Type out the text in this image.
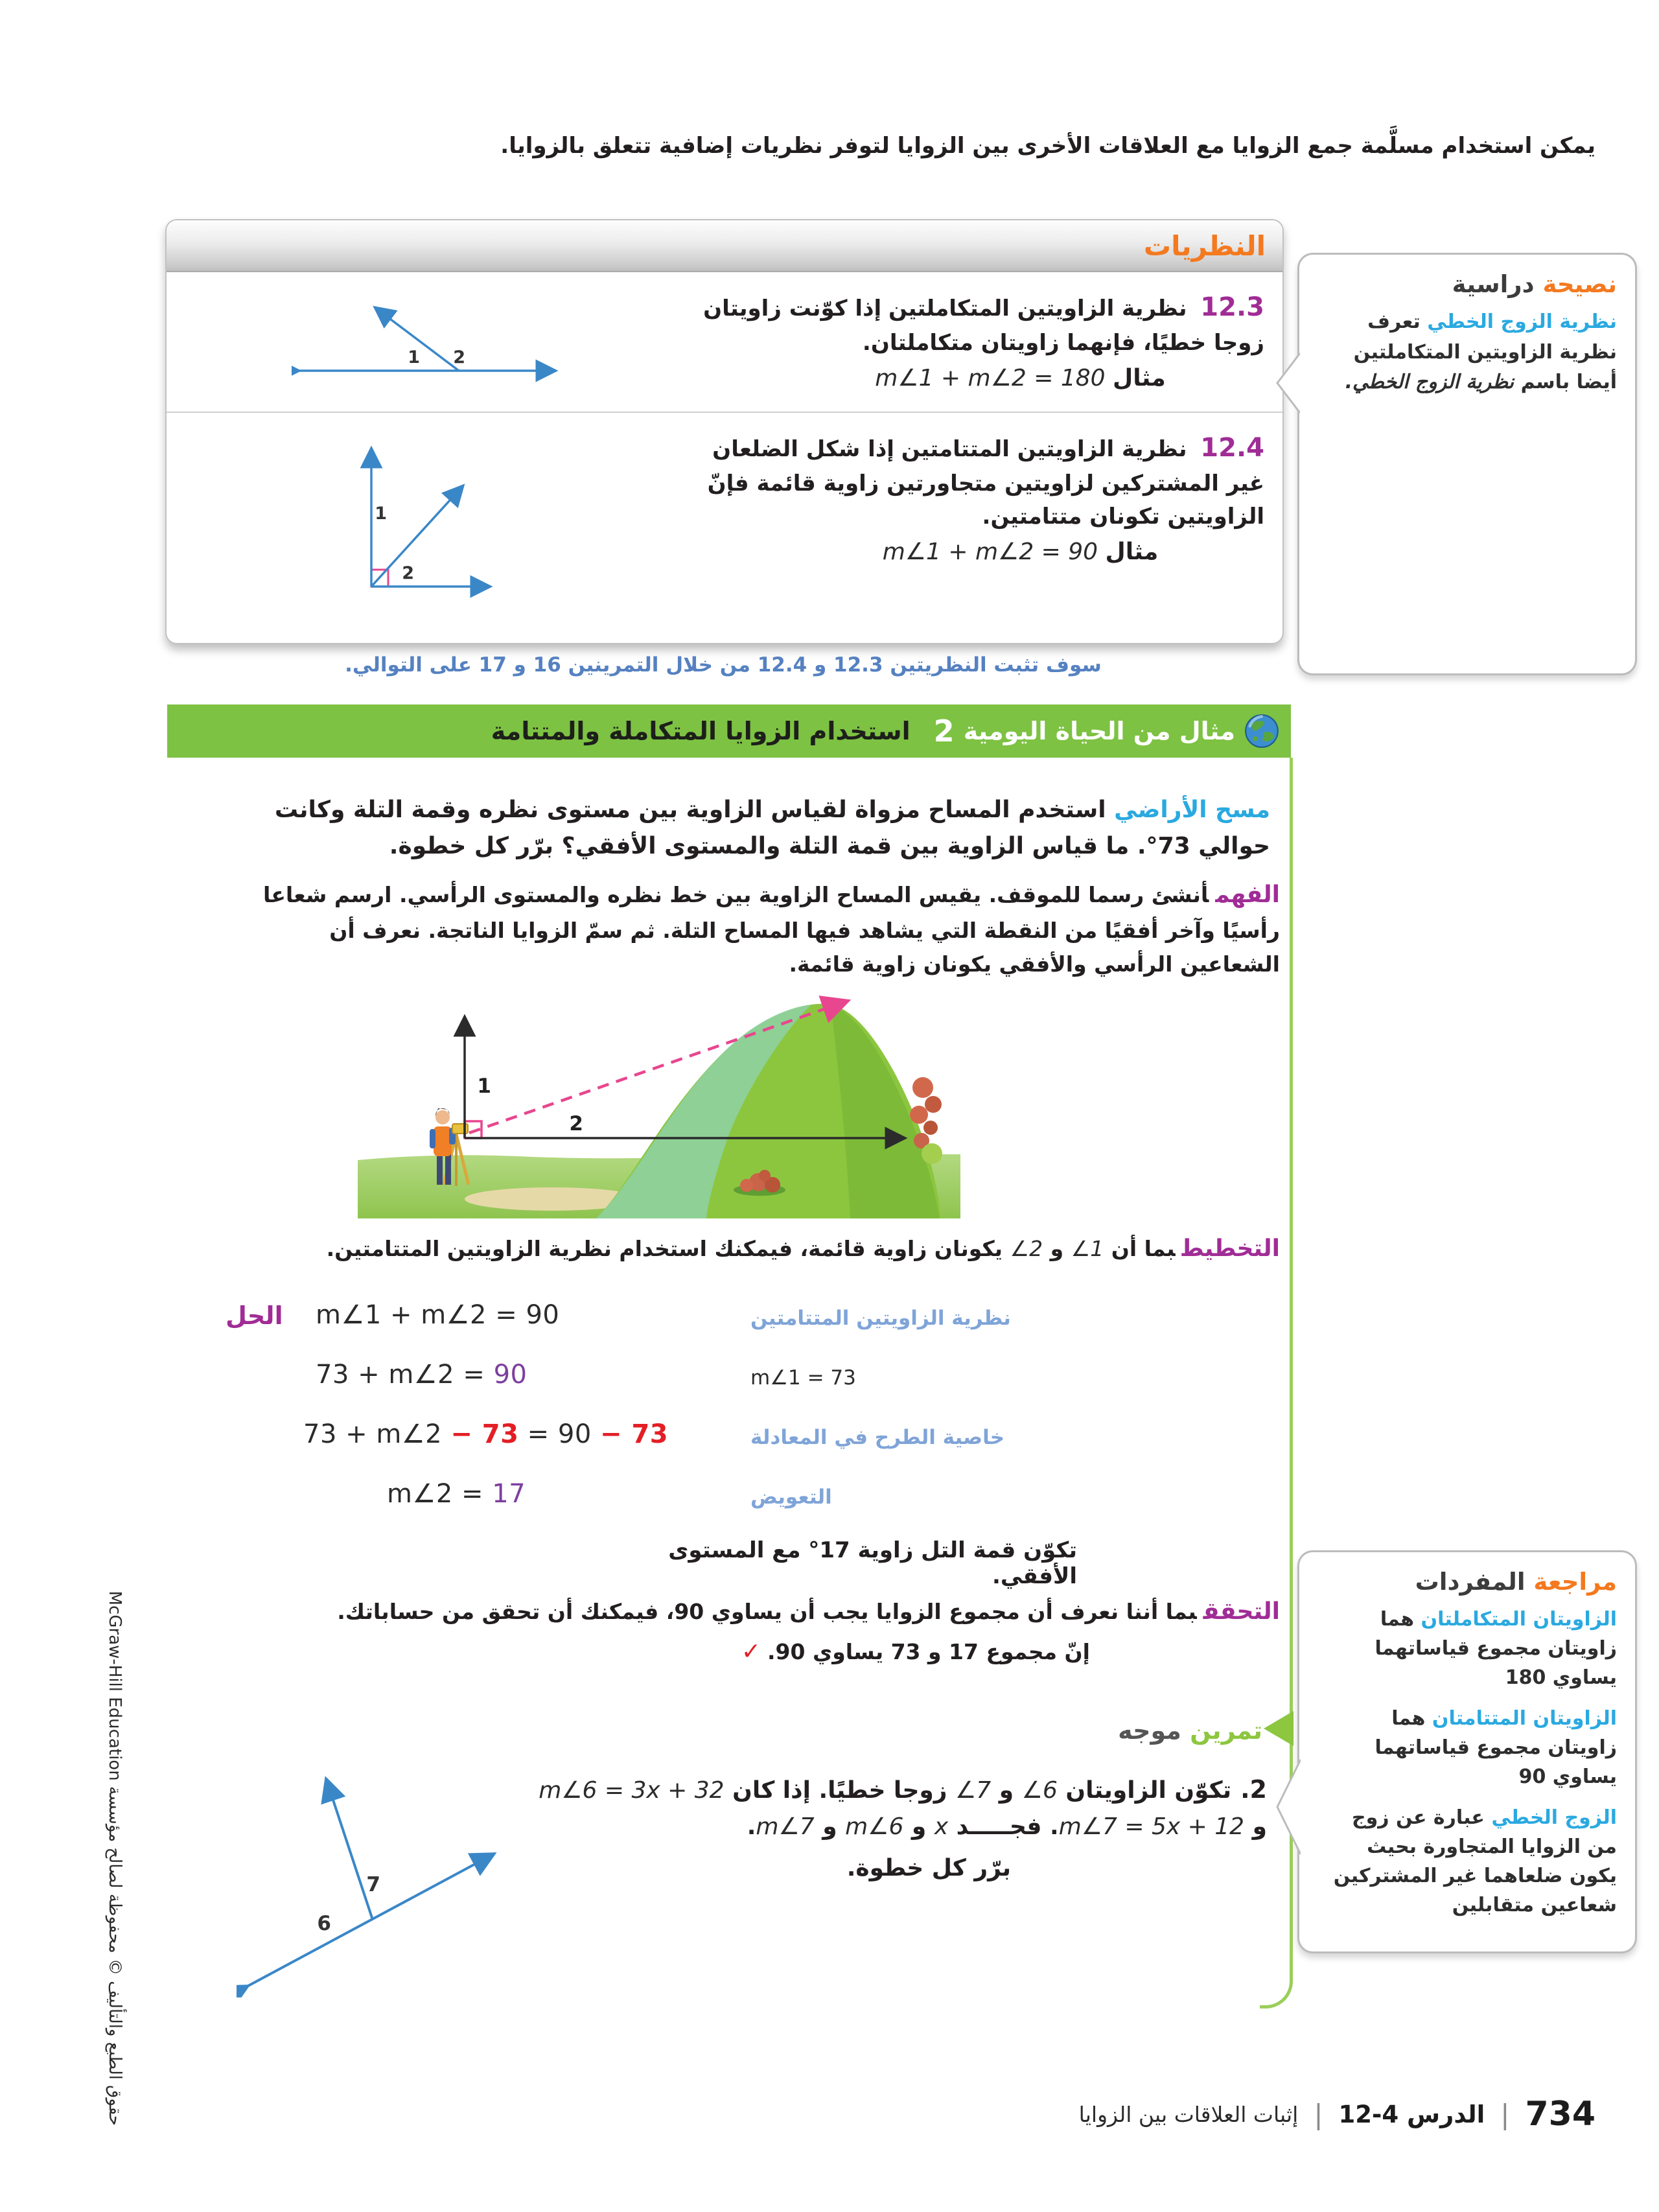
يمكن استخدام مسلَّمة جمع الزوايا مع العلاقات الأخرى بين الزوايا لتوفر نظريات إضافية تتعلق بالزوايا.
النظريات
12.3 نظرية الزاويتين المتكاملتين إذا كوّنت زاويتان زوجا خطيًا، فإنهما زاويتان متكاملتان.
مثال m∠1 + m∠2 = 180
1 2
12.4 نظرية الزاويتين المتتامتين إذا شكل الضلعان غير المشتركين لزاويتين متجاورتين زاوية قائمة فإنّ الزاويتين تكونان متتامتين.
مثال m∠1 + m∠2 = 90
1
2
سوف تثبت النظريتين 12.3 و 12.4 من خلال التمرينين 16 و 17 على التوالي.
نصيحة دراسية
نظرية الزوج الخطي تعرف نظرية الزاويتين المتكاملتين أيضا باسم نظرية الزوج الخطي.
مثال من الحياة اليومية
2
استخدام الزوايا المتكاملة والمتتامة
مسح الأراضي استخدم المساح مزواة لقياس الزاوية بين مستوى نظره وقمة التلة وكانت حوالي 73°. ما قياس الزاوية بين قمة التلة والمستوى الأفقي؟ برّر كل خطوة.
الفهمأنشئ رسما للموقف. يقيس المساح الزاوية بين خط نظره والمستوى الرأسي. ارسم شعاعا رأسيًا وآخر أفقيًا من النقطة التي يشاهد فيها المساح التلة. ثم سمّ الزوايا الناتجة. نعرف أن الشعاعين الرأسي والأفقي يكونان زاوية قائمة.
1
2
التخطيطبما أن ∠1 و ∠2 يكونان زاوية قائمة، فيمكنك استخدام نظرية الزاويتين المتتامتين.
الحل m∠1 + m∠2 = 90	نظرية الزاويتين المتتامتين
73 + m∠2 = 90	m∠1 = 73
73 + m∠2 − 73 = 90 − 73	خاصية الطرح في المعادلة
m∠2 = 17	التعويض
تكوّن قمة التل زاوية 17° مع المستوى الأفقي.
التحققبما أننا نعرف أن مجموع الزوايا يجب أن يساوي 90، فيمكنك أن تحقق من حساباتك.
إنّ مجموع 17 و 73 يساوي 90.✓
تمرين موجه
2.تكوّن الزاويتان ∠6 و ∠7 زوجا خطيًا. إذا كان m∠6 = 3x + 32
و m∠7 = 5x + 12. فجـــــد x و m∠6 و m∠7.
برّر كل خطوة.
6
7
مراجعة المفردات
الزاويتان المتكاملتان هما زاويتان مجموع قياساتهما يساوي 180
الزاويتان المتتامتان هما زاويتان مجموع قياساتهما يساوي 90
الزوج الخطي عبارة عن زوج من الزوايا المتجاورة بحيث يكون ضلعاهما غير المشتركين شعاعين متقابلين
734
|
الدرس 4-12
|
إثبات العلاقات بين الزوايا
حقوق الطبع والتأليف © محفوظة لصالح مؤسسة McGraw-Hill Education
